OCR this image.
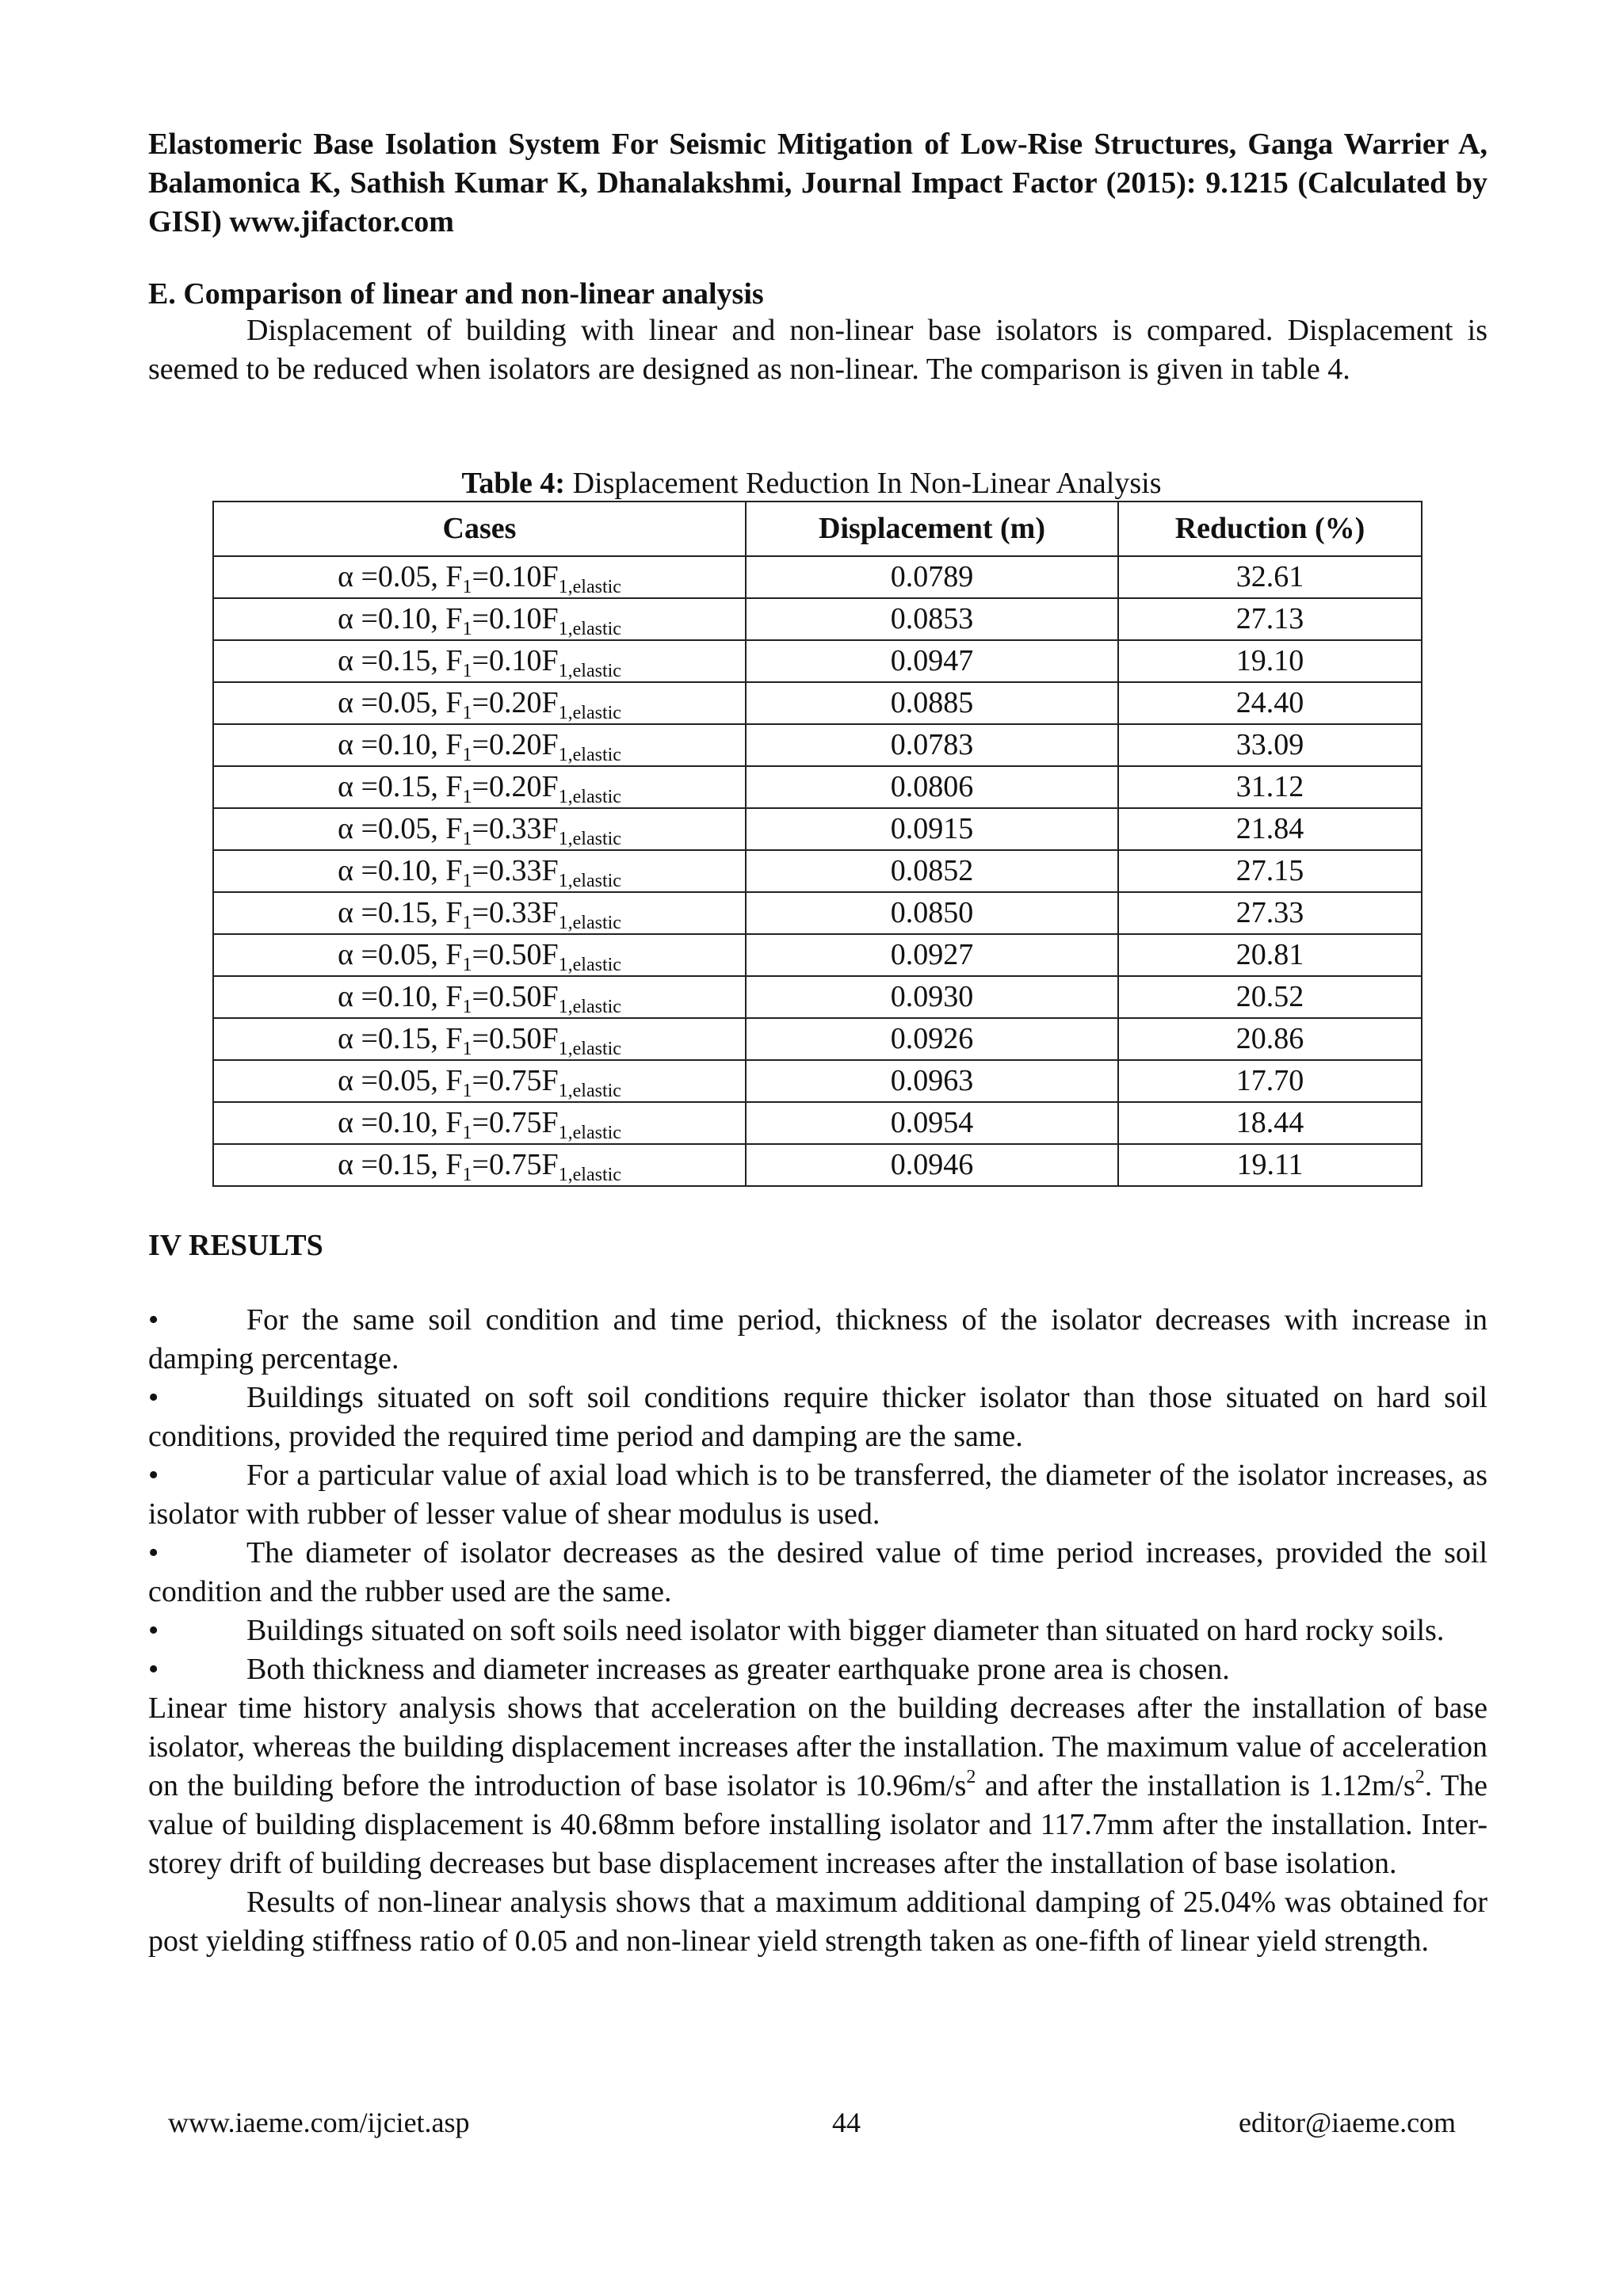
Elastomeric Base Isolation System For Seismic Mitigation of Low-Rise Structures, Ganga Warrier A, Balamonica K, Sathish Kumar K, Dhanalakshmi, Journal Impact Factor (2015): 9.1215 (Calculated by GISI) www.jifactor.com
E. Comparison of linear and non-linear analysis
Displacement of building with linear and non-linear base isolators is compared. Displacement is seemed to be reduced when isolators are designed as non-linear. The comparison is given in table 4.
Table 4: Displacement Reduction In Non-Linear Analysis
Cases	Displacement (m)	Reduction (%)
α =0.05, $F_1=0.10F_{1,elastic}$	0.0789	32.61
α =0.10, $F_1=0.10F_{1,elastic}$	0.0853	27.13
α =0.15, $F_1=0.10F_{1,elastic}$	0.0947	19.10
α =0.05, $F_1=0.20F_{1,elastic}$	0.0885	24.40
α =0.10, $F_1=0.20F_{1,elastic}$	0.0783	33.09
α =0.15, $F_1=0.20F_{1,elastic}$	0.0806	31.12
α =0.05, $F_1=0.33F_{1,elastic}$	0.0915	21.84
α =0.10, $F_1=0.33F_{1,elastic}$	0.0852	27.15
α =0.15, $F_1=0.33F_{1,elastic}$	0.0850	27.33
α =0.05, $F_1=0.50F_{1,elastic}$	0.0927	20.81
α =0.10, $F_1=0.50F_{1,elastic}$	0.0930	20.52
α =0.15, $F_1=0.50F_{1,elastic}$	0.0926	20.86
α =0.05, $F_1=0.75F_{1,elastic}$	0.0963	17.70
α =0.10, $F_1=0.75F_{1,elastic}$	0.0954	18.44
α =0.15, $F_1=0.75F_{1,elastic}$	0.0946	19.11
IV RESULTS
•	For the same soil condition and time period, thickness of the isolator decreases with increase in damping percentage.
•	Buildings situated on soft soil conditions require thicker isolator than those situated on hard soil conditions, provided the required time period and damping are the same.
•	For a particular value of axial load which is to be transferred, the diameter of the isolator increases, as isolator with rubber of lesser value of shear modulus is used.
•	The diameter of isolator decreases as the desired value of time period increases, provided the soil condition and the rubber used are the same.
•	Buildings situated on soft soils need isolator with bigger diameter than situated on hard rocky soils.
•	Both thickness and diameter increases as greater earthquake prone area is chosen.
Linear time history analysis shows that acceleration on the building decreases after the installation of base isolator, whereas the building displacement increases after the installation. The maximum value of acceleration on the building before the introduction of base isolator is $10.96m/s^2$ and after the installation is $1.12m/s^2$. The value of building displacement is 40.68mm before installing isolator and 117.7mm after the installation. Inter-storey drift of building decreases but base displacement increases after the installation of base isolation.
Results of non-linear analysis shows that a maximum additional damping of 25.04% was obtained for post yielding stiffness ratio of 0.05 and non-linear yield strength taken as one-fifth of linear yield strength.
www.iaeme.com/ijciet.asp	44	editor@iaeme.com
